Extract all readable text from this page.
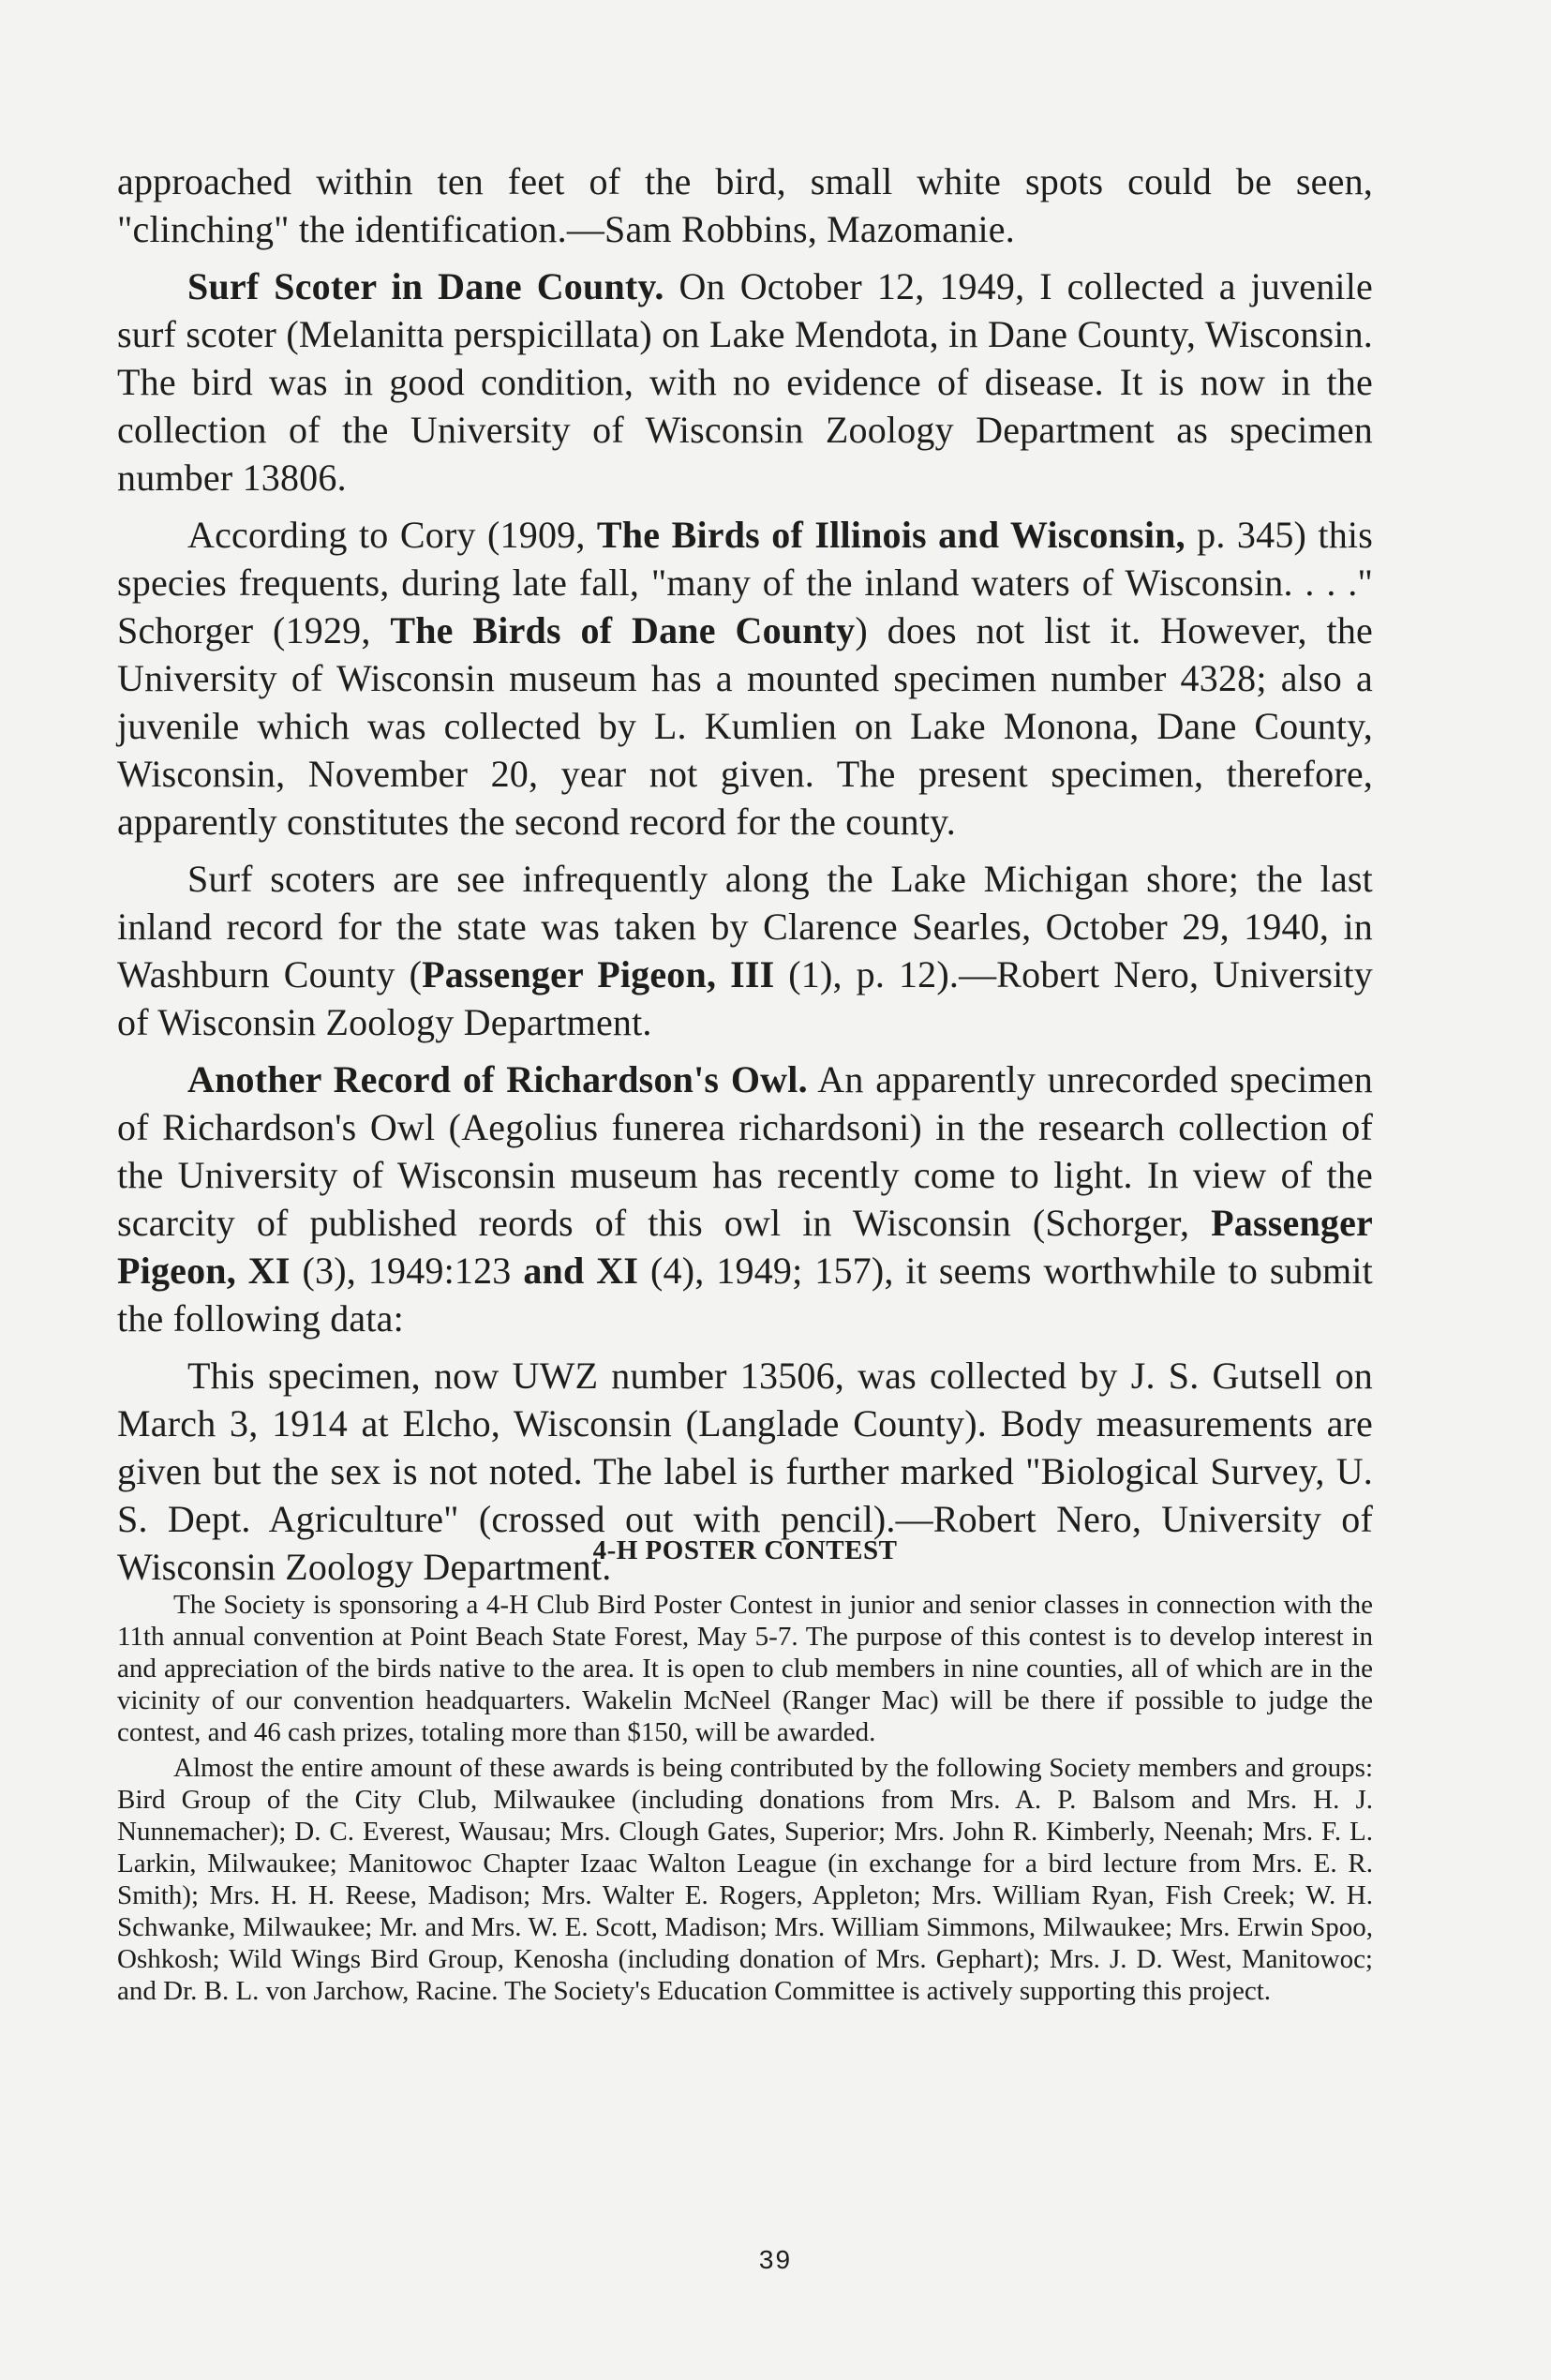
approached within ten feet of the bird, small white spots could be seen, "clinching" the identification.—Sam Robbins, Mazomanie.

Surf Scoter in Dane County. On October 12, 1949, I collected a juvenile surf scoter (Melanitta perspicillata) on Lake Mendota, in Dane County, Wisconsin. The bird was in good condition, with no evidence of disease. It is now in the collection of the University of Wisconsin Zoology Department as specimen number 13806.

According to Cory (1909, The Birds of Illinois and Wisconsin, p. 345) this species frequents, during late fall, "many of the inland waters of Wisconsin. . . ." Schorger (1929, The Birds of Dane County) does not list it. However, the University of Wisconsin museum has a mounted specimen number 4328; also a juvenile which was collected by L. Kumlien on Lake Monona, Dane County, Wisconsin, November 20, year not given. The present specimen, therefore, apparently constitutes the second record for the county.

Surf scoters are see infrequently along the Lake Michigan shore; the last inland record for the state was taken by Clarence Searles, October 29, 1940, in Washburn County (Passenger Pigeon, III (1), p. 12).—Robert Nero, University of Wisconsin Zoology Department.

Another Record of Richardson's Owl. An apparently unrecorded specimen of Richardson's Owl (Aegolius funerea richardsoni) in the research collection of the University of Wisconsin museum has recently come to light. In view of the scarcity of published reords of this owl in Wisconsin (Schorger, Passenger Pigeon, XI (3), 1949:123 and XI (4), 1949; 157), it seems worthwhile to submit the following data:

This specimen, now UWZ number 13506, was collected by J. S. Gutsell on March 3, 1914 at Elcho, Wisconsin (Langlade County). Body measurements are given but the sex is not noted. The label is further marked "Biological Survey, U. S. Dept. Agriculture" (crossed out with pencil).—Robert Nero, University of Wisconsin Zoology Department.

4-H POSTER CONTEST

The Society is sponsoring a 4-H Club Bird Poster Contest in junior and senior classes in connection with the 11th annual convention at Point Beach State Forest, May 5-7. The purpose of this contest is to develop interest in and appreciation of the birds native to the area. It is open to club members in nine counties, all of which are in the vicinity of our convention headquarters. Wakelin McNeel (Ranger Mac) will be there if possible to judge the contest, and 46 cash prizes, totaling more than $150, will be awarded.

Almost the entire amount of these awards is being contributed by the following Society members and groups: Bird Group of the City Club, Milwaukee (including donations from Mrs. A. P. Balsom and Mrs. H. J. Nunnemacher); D. C. Everest, Wausau; Mrs. Clough Gates, Superior; Mrs. John R. Kimberly, Neenah; Mrs. F. L. Larkin, Milwaukee; Manitowoc Chapter Izaac Walton League (in exchange for a bird lecture from Mrs. E. R. Smith); Mrs. H. H. Reese, Madison; Mrs. Walter E. Rogers, Appleton; Mrs. William Ryan, Fish Creek; W. H. Schwanke, Milwaukee; Mr. and Mrs. W. E. Scott, Madison; Mrs. William Simmons, Milwaukee; Mrs. Erwin Spoo, Oshkosh; Wild Wings Bird Group, Kenosha (including donation of Mrs. Gephart); Mrs. J. D. West, Manitowoc; and Dr. B. L. von Jarchow, Racine. The Society's Education Committee is actively supporting this project.

39
